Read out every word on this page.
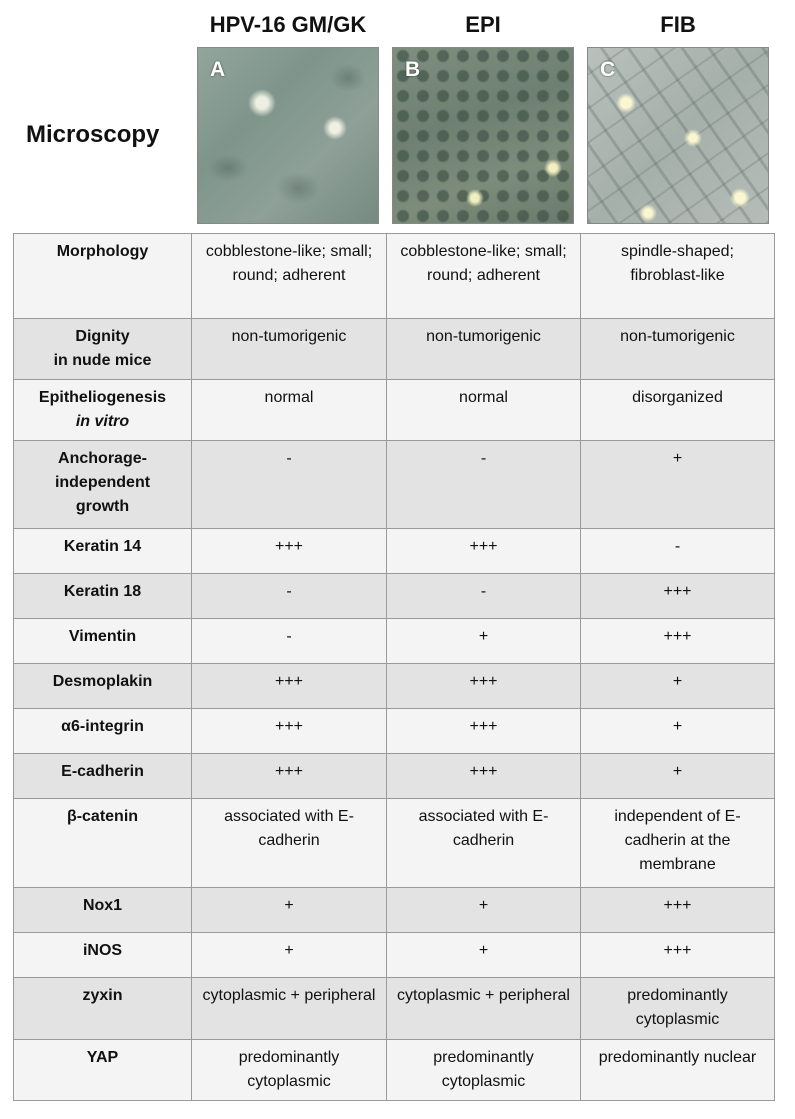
HPV-16 GM/GK	EPI	FIB
Microscopy
A	B	C
Morphology	cobblestone-like; small; round; adherent	cobblestone-like; small; round; adherent	spindle-shaped; fibroblast-like
Dignity
in nude mice	non-tumorigenic	non-tumorigenic	non-tumorigenic
Epitheliogenesis
in vitro	normal	normal	disorganized
Anchorage-
independent
growth	-	-	+
Keratin 14	+++	+++	-
Keratin 18	-	-	+++
Vimentin	-	+	+++
Desmoplakin	+++	+++	+
α6-integrin	+++	+++	+
E-cadherin	+++	+++	+
β-catenin	associated with E-cadherin	associated with E-cadherin	independent of E-cadherin at the membrane
Nox1	+	+	+++
iNOS	+	+	+++
zyxin	cytoplasmic + peripheral	cytoplasmic + peripheral	predominantly cytoplasmic
YAP	predominantly cytoplasmic	predominantly cytoplasmic	predominantly nuclear
